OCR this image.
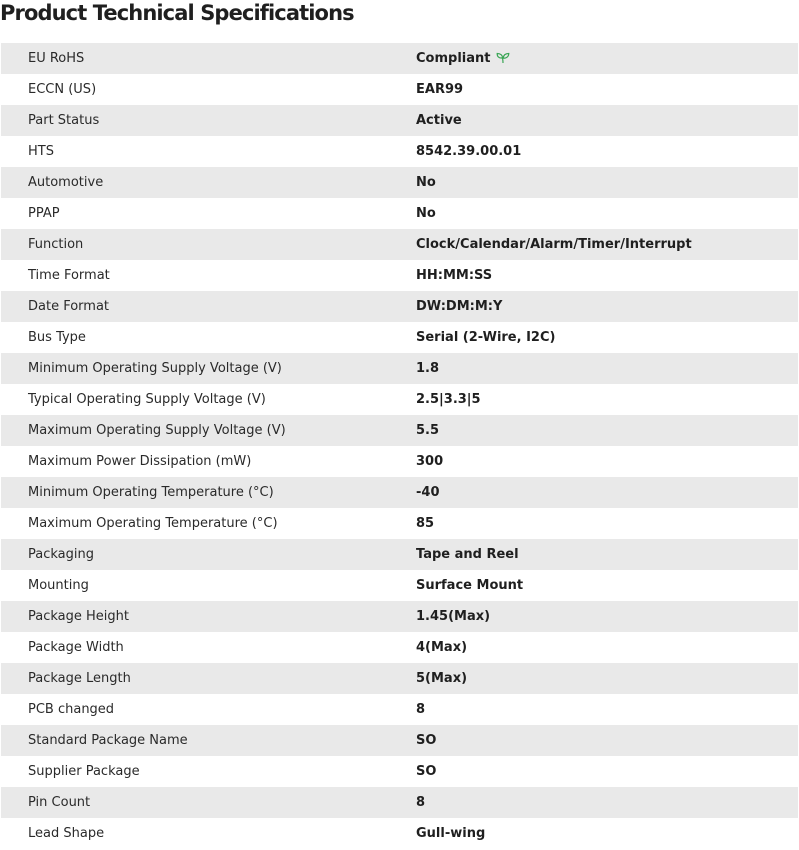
Product Technical Specifications
EU RoHS	Compliant
ECCN (US)	EAR99
Part Status	Active
HTS	8542.39.00.01
Automotive	No
PPAP	No
Function	Clock/Calendar/Alarm/Timer/Interrupt
Time Format	HH:MM:SS
Date Format	DW:DM:M:Y
Bus Type	Serial (2-Wire, I2C)
Minimum Operating Supply Voltage (V)	1.8
Typical Operating Supply Voltage (V)	2.5|3.3|5
Maximum Operating Supply Voltage (V)	5.5
Maximum Power Dissipation (mW)	300
Minimum Operating Temperature (°C)	-40
Maximum Operating Temperature (°C)	85
Packaging	Tape and Reel
Mounting	Surface Mount
Package Height	1.45(Max)
Package Width	4(Max)
Package Length	5(Max)
PCB changed	8
Standard Package Name	SO
Supplier Package	SO
Pin Count	8
Lead Shape	Gull-wing
